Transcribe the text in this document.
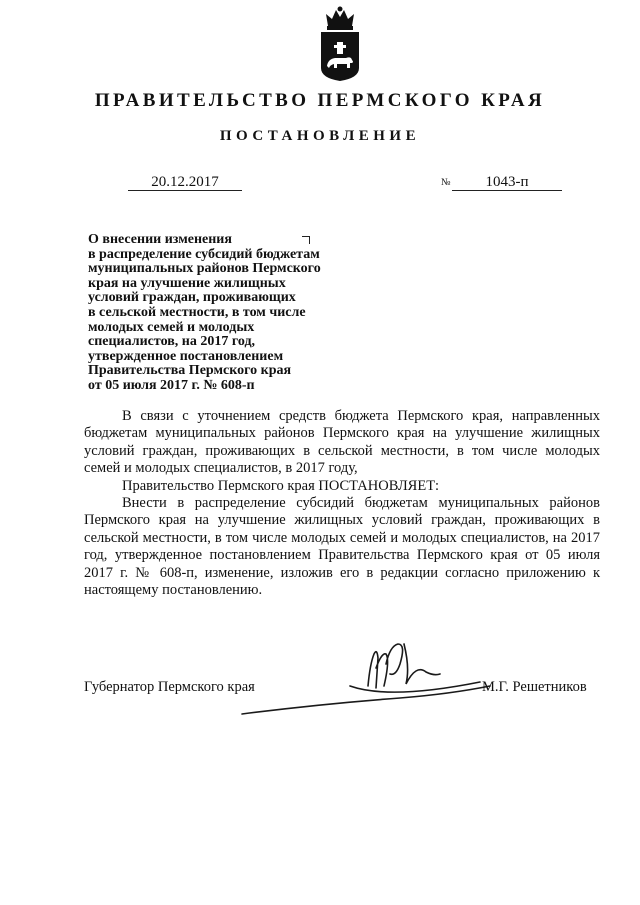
ПРАВИТЕЛЬСТВО ПЕРМСКОГО КРАЯ
ПОСТАНОВЛЕНИЕ
20.12.2017	№	1043-п
О внесении изменения
в распределение субсидий бюджетам
муниципальных районов Пермского
края на улучшение жилищных
условий граждан, проживающих
в сельской местности, в том числе
молодых семей и молодых
специалистов, на 2017 год,
утвержденное постановлением
Правительства Пермского края
от 05 июля 2017 г. № 608-п

В связи с уточнением средств бюджета Пермского края, направленных бюджетам муниципальных районов Пермского края на улучшение жилищных условий граждан, проживающих в сельской местности, в том числе молодых семей и молодых специалистов, в 2017 году,

Правительство Пермского края ПОСТАНОВЛЯЕТ:

Внести в распределение субсидий бюджетам муниципальных районов Пермского края на улучшение жилищных условий граждан, проживающих в сельской местности, в том числе молодых семей и молодых специалистов, на 2017 год, утвержденное постановлением Правительства Пермского края от 05 июля 2017 г. № 608-п, изменение, изложив его в редакции согласно приложению к настоящему постановлению.

Губернатор Пермского края	М.Г. Решетников
